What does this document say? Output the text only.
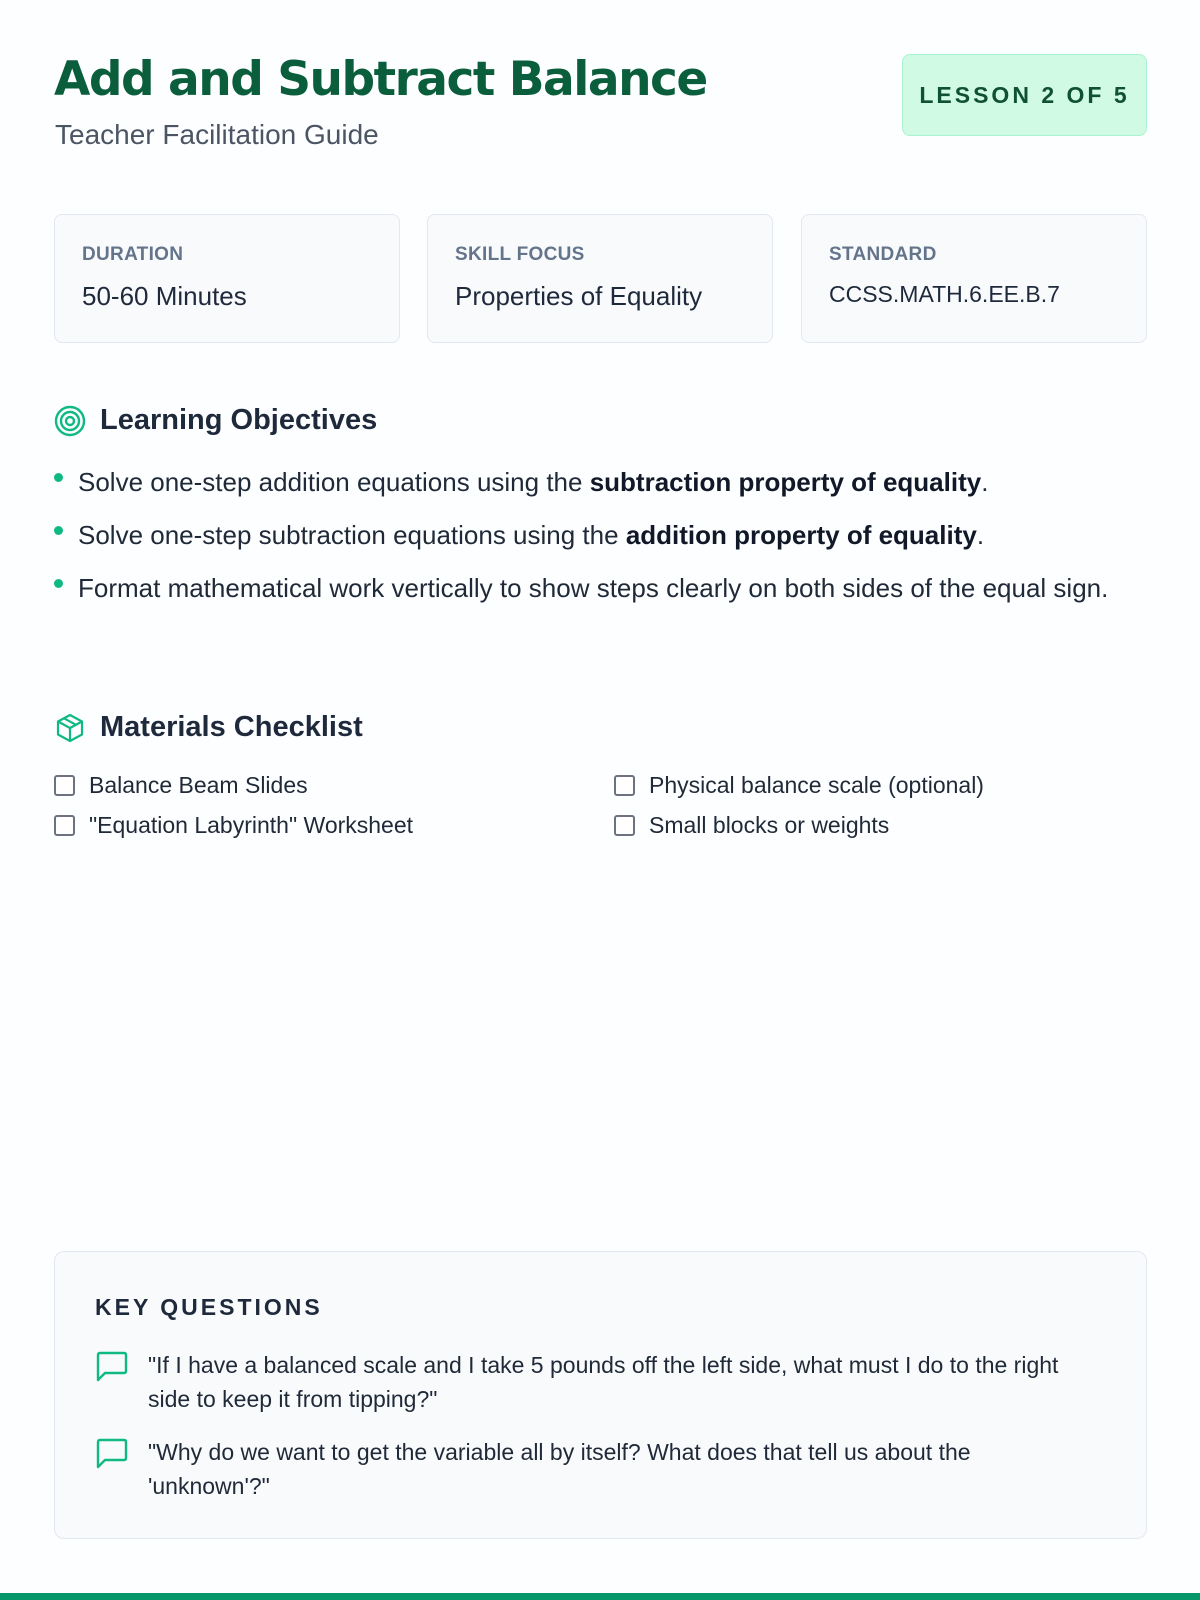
Add and Subtract Balance
Teacher Facilitation Guide
LESSON 2 OF 5
DURATION
50-60 Minutes
SKILL FOCUS
Properties of Equality
STANDARD
CCSS.MATH.6.EE.B.7
Learning Objectives
Solve one-step addition equations using the subtraction property of equality.
Solve one-step subtraction equations using the addition property of equality.
Format mathematical work vertically to show steps clearly on both sides of the equal sign.
Materials Checklist
Balance Beam Slides	Physical balance scale (optional)
"Equation Labyrinth" Worksheet	Small blocks or weights
KEY QUESTIONS
"If I have a balanced scale and I take 5 pounds off the left side, what must I do to the right side to keep it from tipping?"
"Why do we want to get the variable all by itself? What does that tell us about the 'unknown'?"
